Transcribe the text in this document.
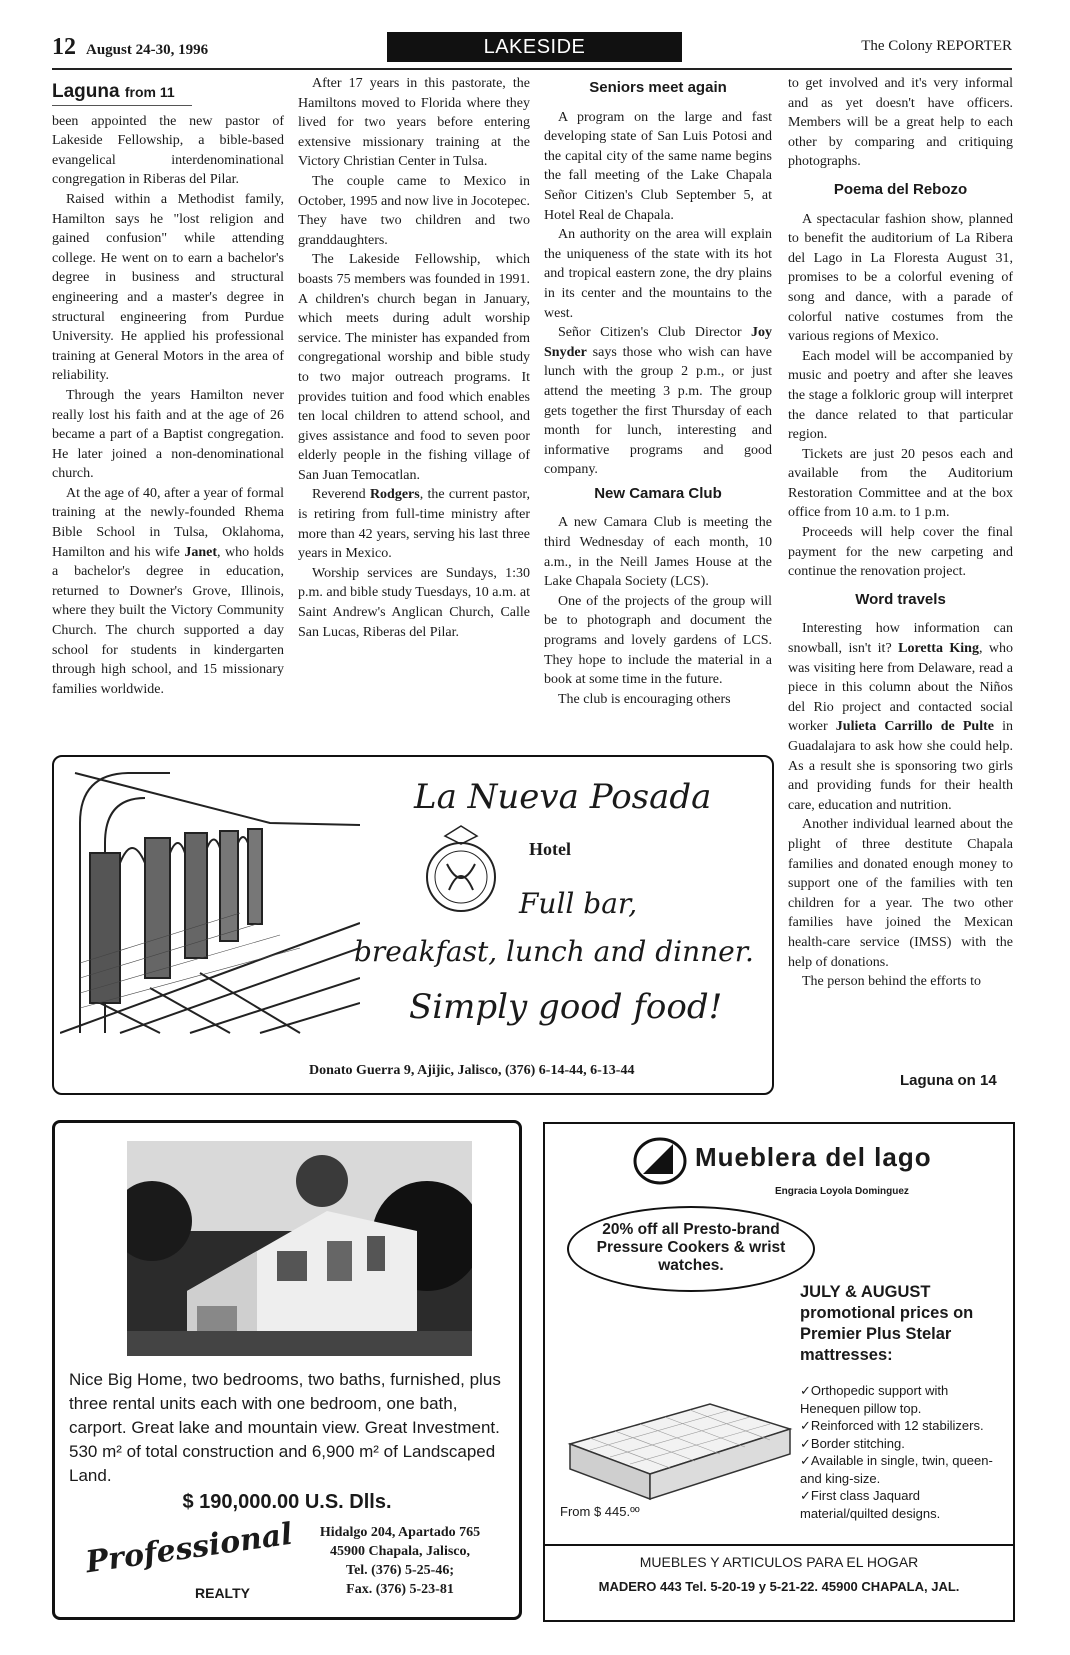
12 August 24-30, 1996	LAKESIDE	The Colony REPORTER
Laguna from 11

been appointed the new pastor of Lakeside Fellowship, a bible-based evangelical interdenominational congregation in Riberas del Pilar.

Raised within a Methodist family, Hamilton says he "lost religion and gained confusion" while attending college. He went on to earn a bachelor's degree in business and structural engineering and a master's degree in structural engineering from Purdue University. He applied his professional training at General Motors in the area of reliability.

Through the years Hamilton never really lost his faith and at the age of 26 became a part of a Baptist congregation. He later joined a non-denominational church.

At the age of 40, after a year of formal training at the newly-founded Rhema Bible School in Tulsa, Oklahoma, Hamilton and his wife Janet, who holds a bachelor's degree in education, returned to Downer's Grove, Illinois, where they built the Victory Community Church. The church supported a day school for students in kindergarten through high school, and 15 missionary families worldwide.

After 17 years in this pastorate, the Hamiltons moved to Florida where they lived for two years before entering extensive missionary training at the Victory Christian Center in Tulsa.

The couple came to Mexico in October, 1995 and now live in Jocotepec. They have two children and two granddaughters.

The Lakeside Fellowship, which boasts 75 members was founded in 1991. A children's church began in January, which meets during adult worship service. The minister has expanded from congregational worship and bible study to two major outreach programs. It provides tuition and food which enables ten local children to attend school, and gives assistance and food to seven poor elderly people in the fishing village of San Juan Temocatlan.

Reverend Rodgers, the current pastor, is retiring from full-time ministry after more than 42 years, serving his last three years in Mexico.

Worship services are Sundays, 1:30 p.m. and bible study Tuesdays, 10 a.m. at Saint Andrew's Anglican Church, Calle San Lucas, Riberas del Pilar.

Seniors meet again

A program on the large and fast developing state of San Luis Potosi and the capital city of the same name begins the fall meeting of the Lake Chapala Señor Citizen's Club September 5, at Hotel Real de Chapala.

An authority on the area will explain the uniqueness of the state with its hot and tropical eastern zone, the dry plains in its center and the mountains to the west.

Señor Citizen's Club Director Joy Snyder says those who wish can have lunch with the group 2 p.m., or just attend the meeting 3 p.m. The group gets together the first Thursday of each month for lunch, interesting and informative programs and good company.

New Camara Club

A new Camara Club is meeting the third Wednesday of each month, 10 a.m., in the Neill James House at the Lake Chapala Society (LCS).

One of the projects of the group will be to photograph and document the programs and lovely gardens of LCS. They hope to include the material in a book at some time in the future.

The club is encouraging others

to get involved and it's very informal and as yet doesn't have officers. Members will be a great help to each other by comparing and critiquing photographs.

Poema del Rebozo

A spectacular fashion show, planned to benefit the auditorium of La Ribera del Lago in La Floresta August 31, promises to be a colorful evening of song and dance, with a parade of colorful native costumes from the various regions of Mexico.

Each model will be accompanied by music and poetry and after she leaves the stage a folkloric group will interpret the dance related to that particular region.

Tickets are just 20 pesos each and available from the Auditorium Restoration Committee and at the box office from 10 a.m. to 1 p.m.

Proceeds will help cover the final payment for the new carpeting and continue the renovation project.

Word travels

Interesting how information can snowball, isn't it? Loretta King, who was visiting here from Delaware, read a piece in this column about the Niños del Rio project and contacted social worker Julieta Carrillo de Pulte in Guadalajara to ask how she could help. As a result she is sponsoring two girls and providing funds for their health care, education and nutrition.

Another individual learned about the plight of three destitute Chapala families and donated enough money to support one of the families with ten children for a year. The two other families have joined the Mexican health-care service (IMSS) with the help of donations.

The person behind the efforts to

Laguna on 14
La Nueva Posada
Hotel
Full bar,
breakfast, lunch and dinner.
Simply good food!
Donato Guerra 9, Ajijic, Jalisco, (376) 6-14-44, 6-13-44
Nice Big Home, two bedrooms, two baths, furnished, plus three rental units each with one bedroom, one bath, carport. Great lake and mountain view. Great Investment. 530 m² of total construction and 6,900 m² of Landscaped Land.
$ 190,000.00 U.S. Dlls.
Professional
REALTY
Hidalgo 204, Apartado 765
45900 Chapala, Jalisco,
Tel. (376) 5-25-46;
Fax. (376) 5-23-81
Mueblera del lago
Engracia Loyola Dominguez
20% off all Presto-brand Pressure Cookers & wrist watches.
JULY & AUGUST promotional prices on Premier Plus Stelar mattresses:
✓ Orthopedic support with Henequen pillow top.
✓ Reinforced with 12 stabilizers.
✓ Border stitching.
✓ Available in single, twin, queen- and king-size.
✓ First class Jaquard material/quilted designs.
From $ 445.ºº
MUEBLES Y ARTICULOS PARA EL HOGAR
MADERO 443 Tel. 5-20-19 y 5-21-22. 45900 CHAPALA, JAL.
